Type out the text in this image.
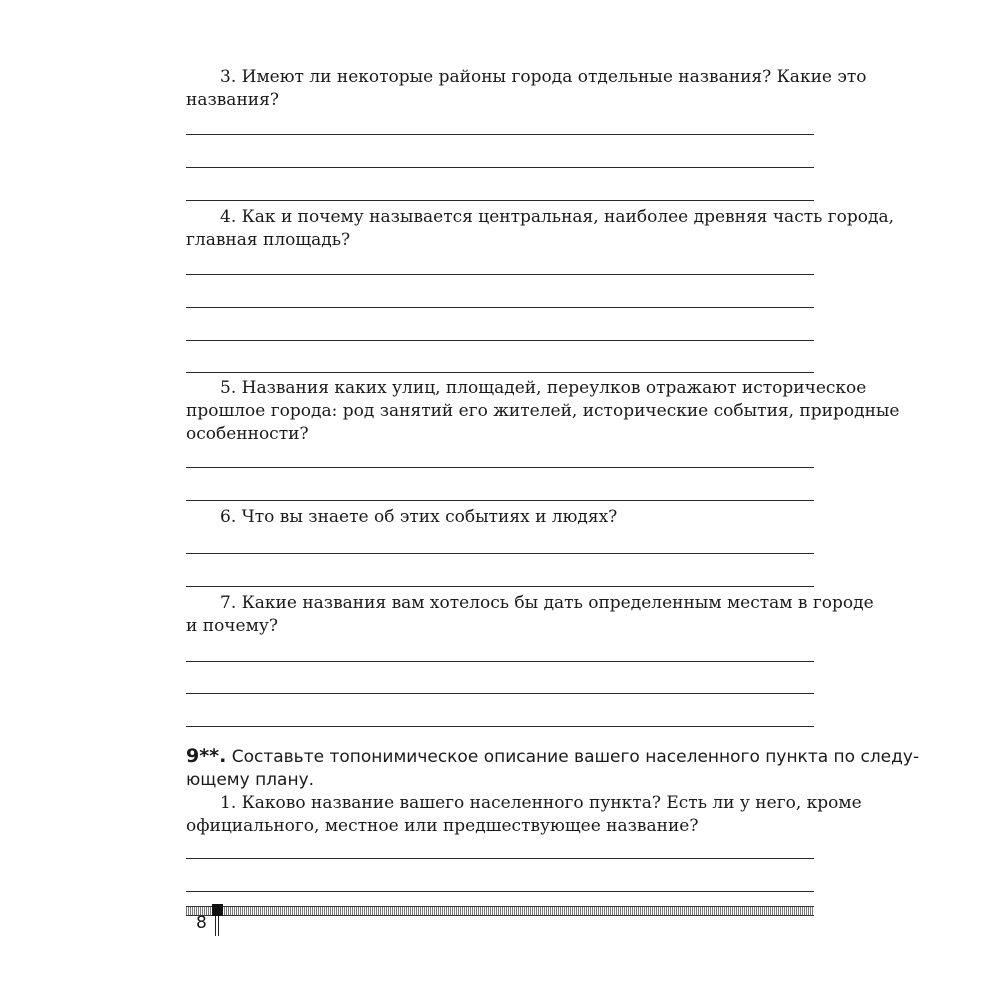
3. Имеют ли некоторые районы города отдельные названия? Какие это
названия?
4. Как и почему называется центральная, наиболее древняя часть города,
главная площадь?
5. Названия каких улиц, площадей, переулков отражают историческое
прошлое города: род занятий его жителей, исторические события, природные
особенности?
6. Что вы знаете об этих событиях и людях?
7. Какие названия вам хотелось бы дать определенным местам в городе
и почему?
9**. Составьте топонимическое описание вашего населенного пункта по следу-
ющему плану.
1. Каково название вашего населенного пункта? Есть ли у него, кроме
официального, местное или предшествующее название?
8
